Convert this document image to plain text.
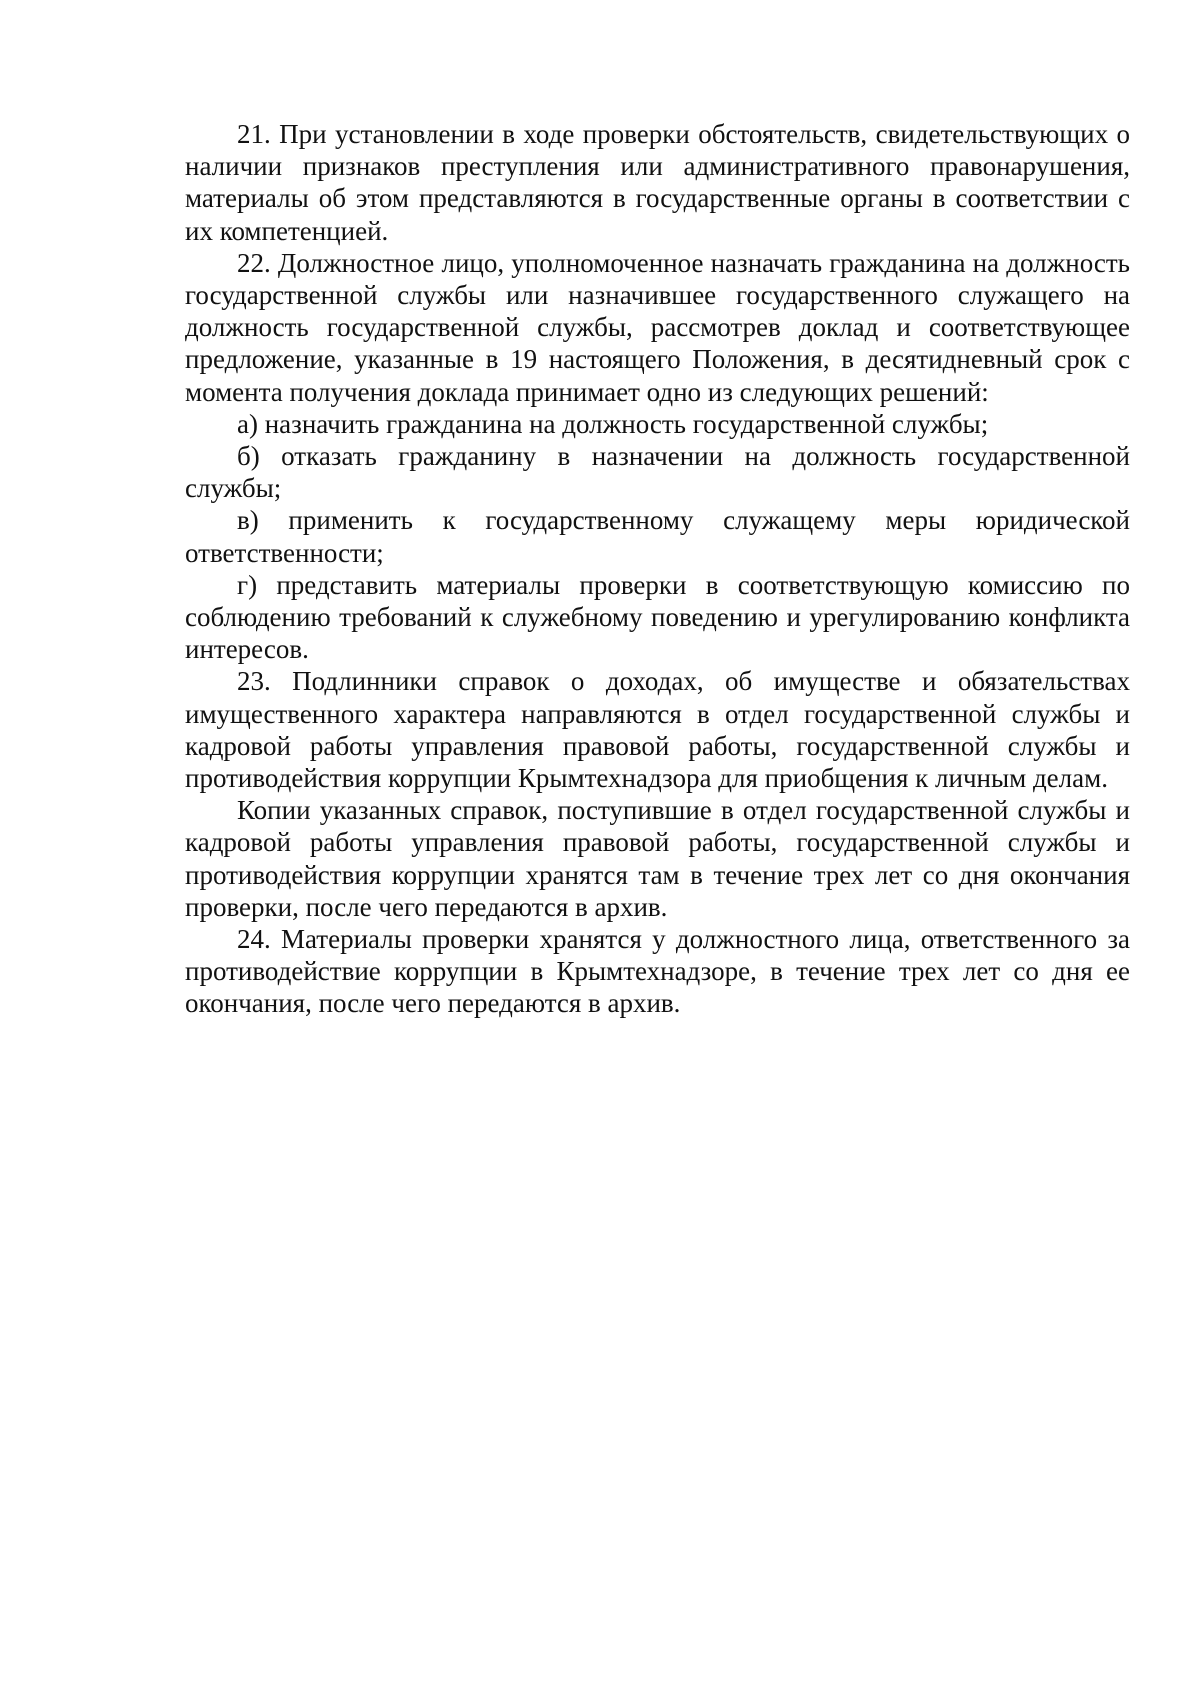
21. При установлении в ходе проверки обстоятельств, свидетельствующих о наличии признаков преступления или административного правонарушения, материалы об этом представляются в государственные органы в соответствии с их компетенцией.

22. Должностное лицо, уполномоченное назначать гражданина на должность государственной службы или назначившее государственного служащего на должность государственной службы, рассмотрев доклад и соответствующее предложение, указанные в 19 настоящего Положения, в десятидневный срок с момента получения доклада принимает одно из следующих решений:

а) назначить гражданина на должность государственной службы;

б) отказать гражданину в назначении на должность государственной службы;

в) применить к государственному служащему меры юридической ответственности;

г) представить материалы проверки в соответствующую комиссию по соблюдению требований к служебному поведению и урегулированию конфликта интересов.

23. Подлинники справок о доходах, об имуществе и обязательствах имущественного характера направляются в отдел государственной службы и кадровой работы управления правовой работы, государственной службы и противодействия коррупции Крымтехнадзора для приобщения к личным делам.

Копии указанных справок, поступившие в отдел государственной службы и кадровой работы управления правовой работы, государственной службы и противодействия коррупции хранятся там в течение трех лет со дня окончания проверки, после чего передаются в архив.

24. Материалы проверки хранятся у должностного лица, ответственного за противодействие коррупции в Крымтехнадзоре, в течение трех лет со дня ее окончания, после чего передаются в архив.
